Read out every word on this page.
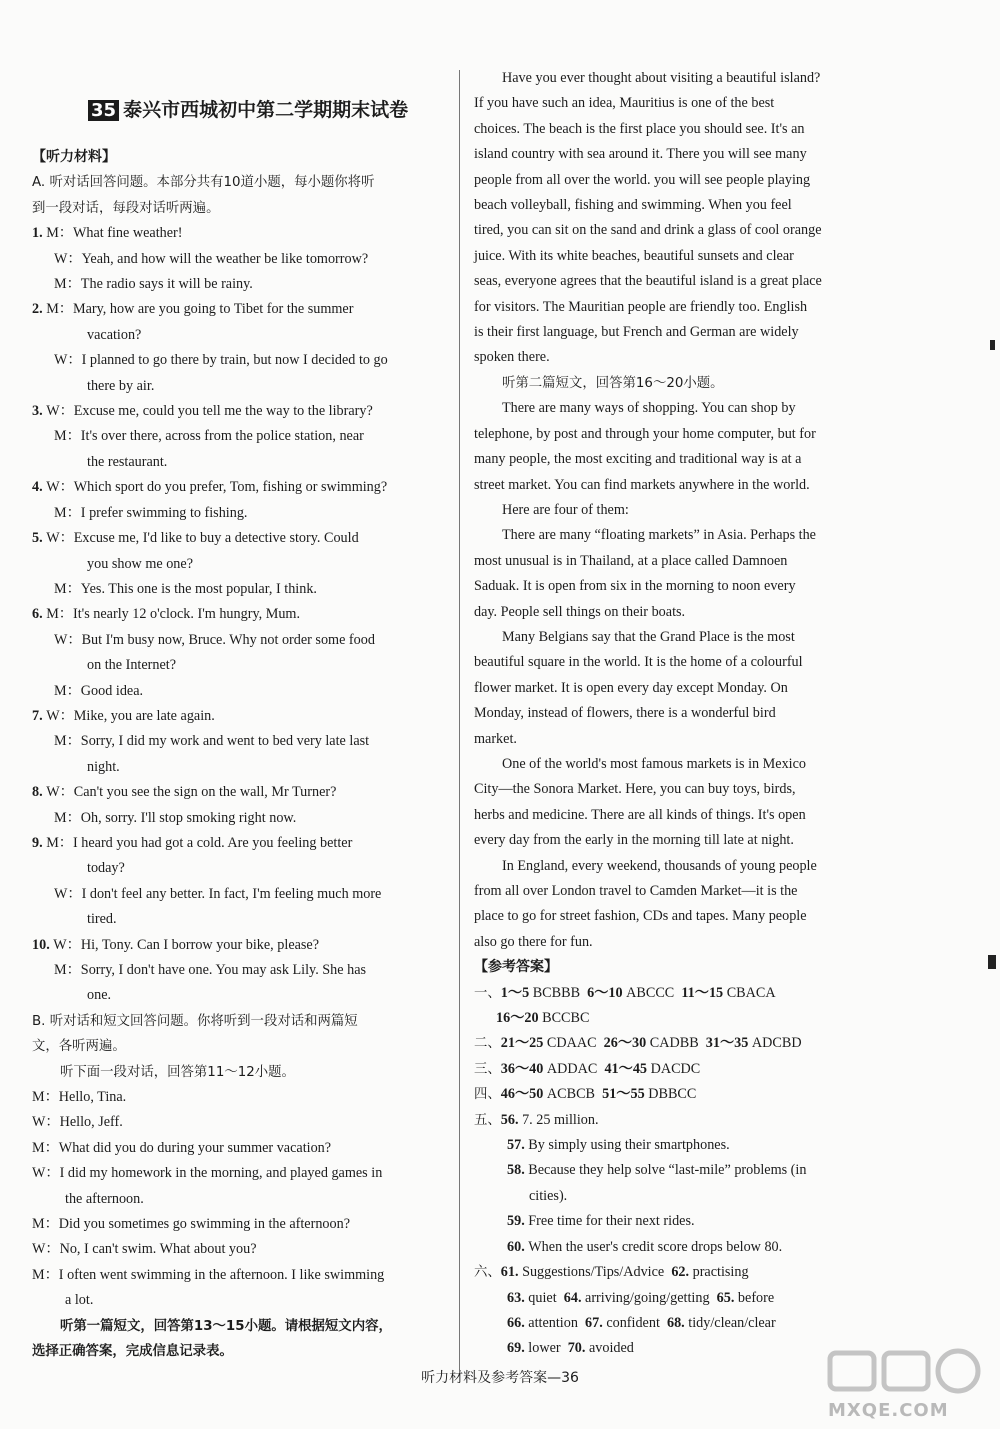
35 泰兴市西城初中第二学期期末试卷
【听力材料】
A. 听对话回答问题。本部分共有10道小题，每小题你将听
到一段对话，每段对话听两遍。
1. M：What fine weather!
W：Yeah, and how will the weather be like tomorrow?
M：The radio says it will be rainy.
2. M：Mary, how are you going to Tibet for the summer
vacation?
W：I planned to go there by train, but now I decided to go
there by air.
3. W：Excuse me, could you tell me the way to the library?
M：It's over there, across from the police station, near
the restaurant.
4. W：Which sport do you prefer, Tom, fishing or swimming?
M：I prefer swimming to fishing.
5. W：Excuse me, I'd like to buy a detective story. Could
you show me one?
M：Yes. This one is the most popular, I think.
6. M：It's nearly 12 o'clock. I'm hungry, Mum.
W：But I'm busy now, Bruce. Why not order some food
on the Internet?
M：Good idea.
7. W：Mike, you are late again.
M：Sorry, I did my work and went to bed very late last
night.
8. W：Can't you see the sign on the wall, Mr Turner?
M：Oh, sorry. I'll stop smoking right now.
9. M：I heard you had got a cold. Are you feeling better
today?
W：I don't feel any better. In fact, I'm feeling much more
tired.
10. W：Hi, Tony. Can I borrow your bike, please?
M：Sorry, I don't have one. You may ask Lily. She has
one.
B. 听对话和短文回答问题。你将听到一段对话和两篇短
文，各听两遍。
听下面一段对话，回答第11～12小题。
M：Hello, Tina.
W：Hello, Jeff.
M：What did you do during your summer vacation?
W：I did my homework in the morning, and played games in
the afternoon.
M：Did you sometimes go swimming in the afternoon?
W：No, I can't swim. What about you?
M：I often went swimming in the afternoon. I like swimming
a lot.
听第一篇短文，回答第13～15小题。请根据短文内容，
选择正确答案，完成信息记录表。
Have you ever thought about visiting a beautiful island?
If you have such an idea, Mauritius is one of the best
choices. The beach is the first place you should see. It's an
island country with sea around it. There you will see many
people from all over the world. you will see people playing
beach volleyball, fishing and swimming. When you feel
tired, you can sit on the sand and drink a glass of cool orange
juice. With its white beaches, beautiful sunsets and clear
seas, everyone agrees that the beautiful island is a great place
for visitors. The Mauritian people are friendly too. English
is their first language, but French and German are widely
spoken there.
听第二篇短文，回答第16～20小题。
There are many ways of shopping. You can shop by
telephone, by post and through your home computer, but for
many people, the most exciting and traditional way is at a
street market. You can find markets anywhere in the world.
Here are four of them:
There are many “floating markets” in Asia. Perhaps the
most unusual is in Thailand, at a place called Damnoen
Saduak. It is open from six in the morning to noon every
day. People sell things on their boats.
Many Belgians say that the Grand Place is the most
beautiful square in the world. It is the home of a colourful
flower market. It is open every day except Monday. On
Monday, instead of flowers, there is a wonderful bird
market.
One of the world's most famous markets is in Mexico
City—the Sonora Market. Here, you can buy toys, birds,
herbs and medicine. There are all kinds of things. It's open
every day from the early in the morning till late at night.
In England, every weekend, thousands of young people
from all over London travel to Camden Market—it is the
place to go for street fashion, CDs and tapes. Many people
also go there for fun.
【参考答案】
一、1～5 BCBBB  6～10 ABCCC  11～15 CBACA
16～20 BCCBC
二、21～25 CDAAC  26～30 CADBB  31～35 ADCBD
三、36～40 ADDAC  41～45 DACDC
四、46～50 ACBCB  51～55 DBBCC
五、56. 7. 25 million.
57. By simply using their smartphones.
58. Because they help solve “last-mile” problems (in
cities).
59. Free time for their next rides.
60. When the user's credit score drops below 80.
六、61. Suggestions/Tips/Advice  62. practising
63. quiet  64. arriving/going/getting  65. before
66. attention  67. confident  68. tidy/clean/clear
69. lower  70. avoided
听力材料及参考答案—36
MXQE.COM
